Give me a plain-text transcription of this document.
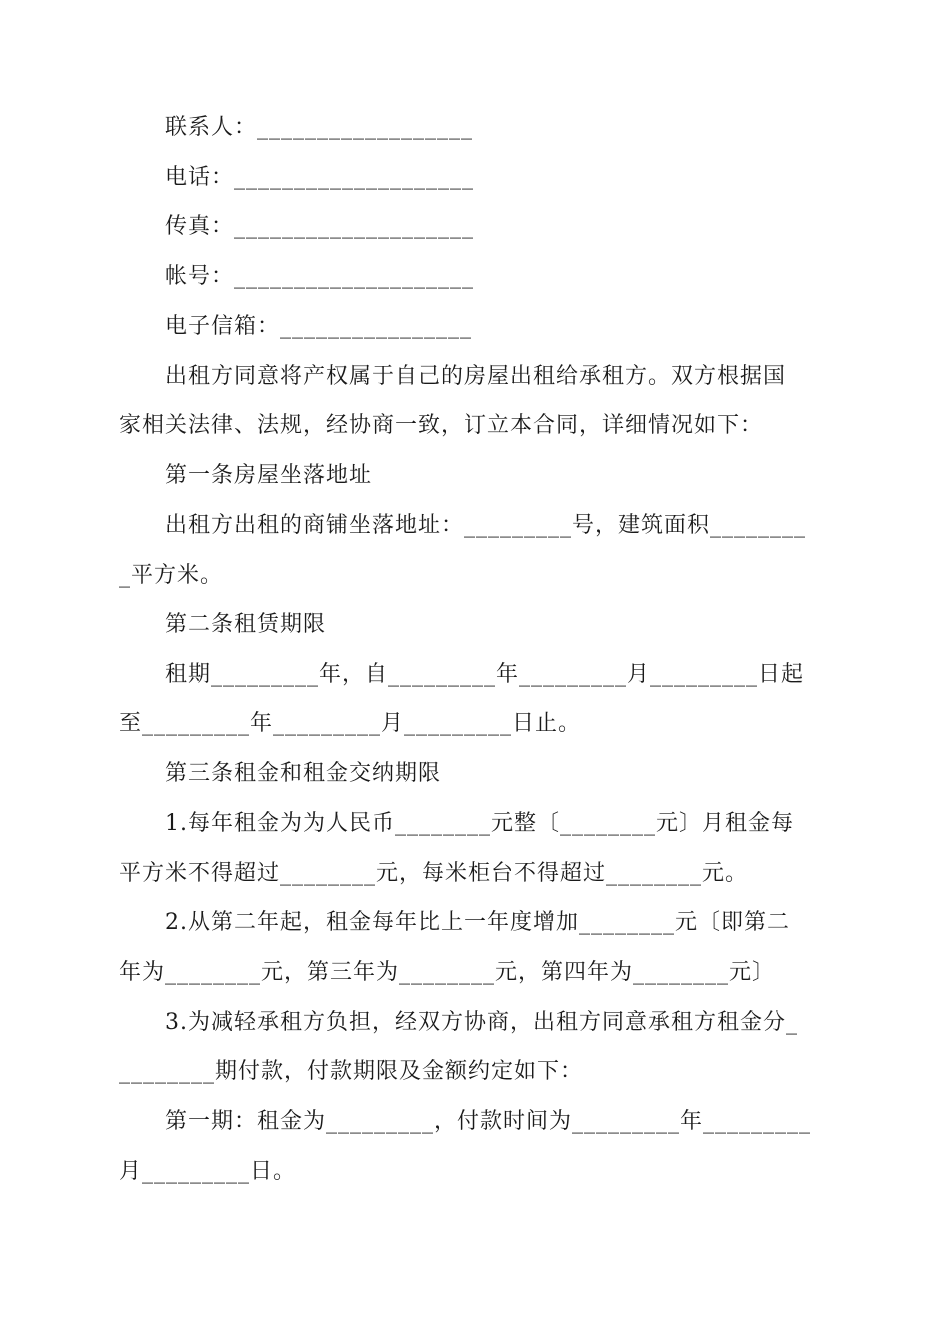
　　联系人：__________________
　　电话：____________________
　　传真：____________________
　　帐号：____________________
　　电子信箱：________________
　　出租方同意将产权属于自己的房屋出租给承租方。双方根据国
家相关法律、法规，经协商一致，订立本合同，详细情况如下：
　　第一条房屋坐落地址
　　出租方出租的商铺坐落地址：_________号，建筑面积________
_平方米。
　　第二条租赁期限
　　租期_________年，自_________年_________月_________日起
至_________年_________月_________日止。
　　第三条租金和租金交纳期限
　　1.每年租金为为人民币________元整〔________元〕月租金每
平方米不得超过________元，每米柜台不得超过________元。
　　2.从第二年起，租金每年比上一年度增加________元〔即第二
年为________元，第三年为________元，第四年为________元〕
　　3.为减轻承租方负担，经双方协商，出租方同意承租方租金分_
________期付款，付款期限及金额约定如下：
　　第一期：租金为_________，付款时间为_________年_________
月_________日。
